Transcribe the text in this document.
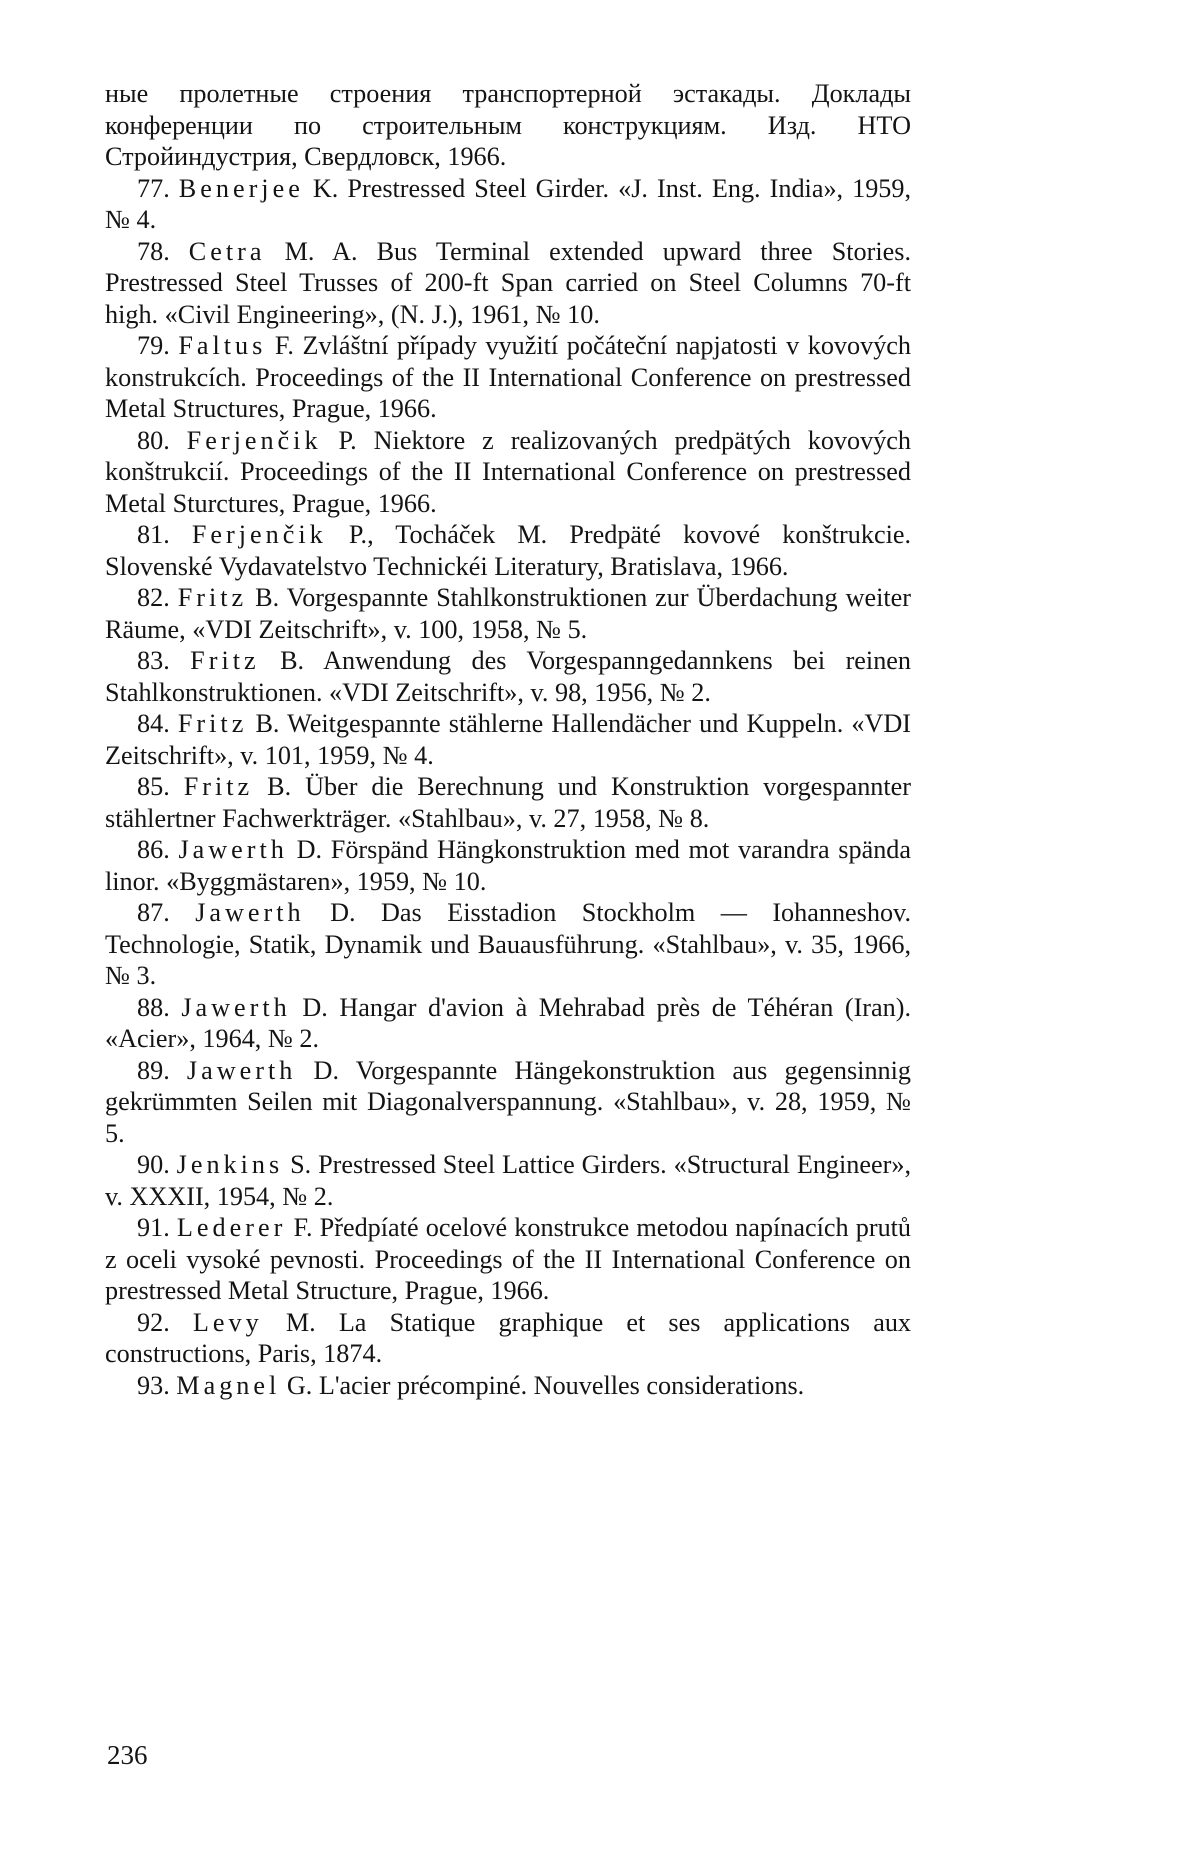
ные пролетные строения транспортерной эстакады. Доклады конференции по строительным конструкциям. Изд. НТО Стройиндустрия, Свердловск, 1966.

77. Benerjee K. Prestressed Steel Girder. «J. Inst. Eng. India», 1959, № 4.

78. Cetra M. A. Bus Terminal extended upward three Stories. Prestressed Steel Trusses of 200-ft Span carried on Steel Columns 70-ft high. «Civil Engineering», (N. J.), 1961, № 10.

79. Faltus F. Zvláštní případy využití počáteční napjatosti v kovových konstrukcích. Proceedings of the II International Conference on prestressed Metal Structures, Prague, 1966.

80. Ferjenčik P. Niektore z realizovaných predpätých kovových konštrukcií. Proceedings of the II International Conference on prestressed Metal Sturctures, Prague, 1966.

81. Ferjenčik P., Tocháček M. Predpäté kovové konštrukcie. Slovenské Vydavatelstvo Technickéi Literatury, Bratislava, 1966.

82. Fritz B. Vorgespannte Stahlkonstruktionen zur Überdachung weiter Räume, «VDI Zeitschrift», v. 100, 1958, № 5.

83. Fritz B. Anwendung des Vorgespanngedannkens bei reinen Stahlkonstruktionen. «VDI Zeitschrift», v. 98, 1956, № 2.

84. Fritz B. Weitgespannte stählerne Hallendächer und Kuppeln. «VDI Zeitschrift», v. 101, 1959, № 4.

85. Fritz B. Über die Berechnung und Konstruktion vorgespannter stählertner Fachwerkträger. «Stahlbau», v. 27, 1958, № 8.

86. Jawerth D. Förspänd Hängkonstruktion med mot varandra spända linor. «Byggmästaren», 1959, № 10.

87. Jawerth D. Das Eisstadion Stockholm — Iohanneshov. Technologie, Statik, Dynamik und Bauausführung. «Stahlbau», v. 35, 1966, № 3.

88. Jawerth D. Hangar d'avion à Mehrabad près de Téhéran (Iran). «Acier», 1964, № 2.

89. Jawerth D. Vorgespannte Hängekonstruktion aus gegensinnig gekrümmten Seilen mit Diagonalverspannung. «Stahlbau», v. 28, 1959, № 5.

90. Jenkins S. Prestressed Steel Lattice Girders. «Structural Engineer», v. XXXII, 1954, № 2.

91. Lederer F. Předpíaté ocelové konstrukce metodou napínacích prutů z oceli vysoké pevnosti. Proceedings of the II International Conference on prestressed Metal Structure, Prague, 1966.

92. Levy M. La Statique graphique et ses applications aux constructions, Paris, 1874.

93. Magnel G. L'acier précompiné. Nouvelles considerations.

236
